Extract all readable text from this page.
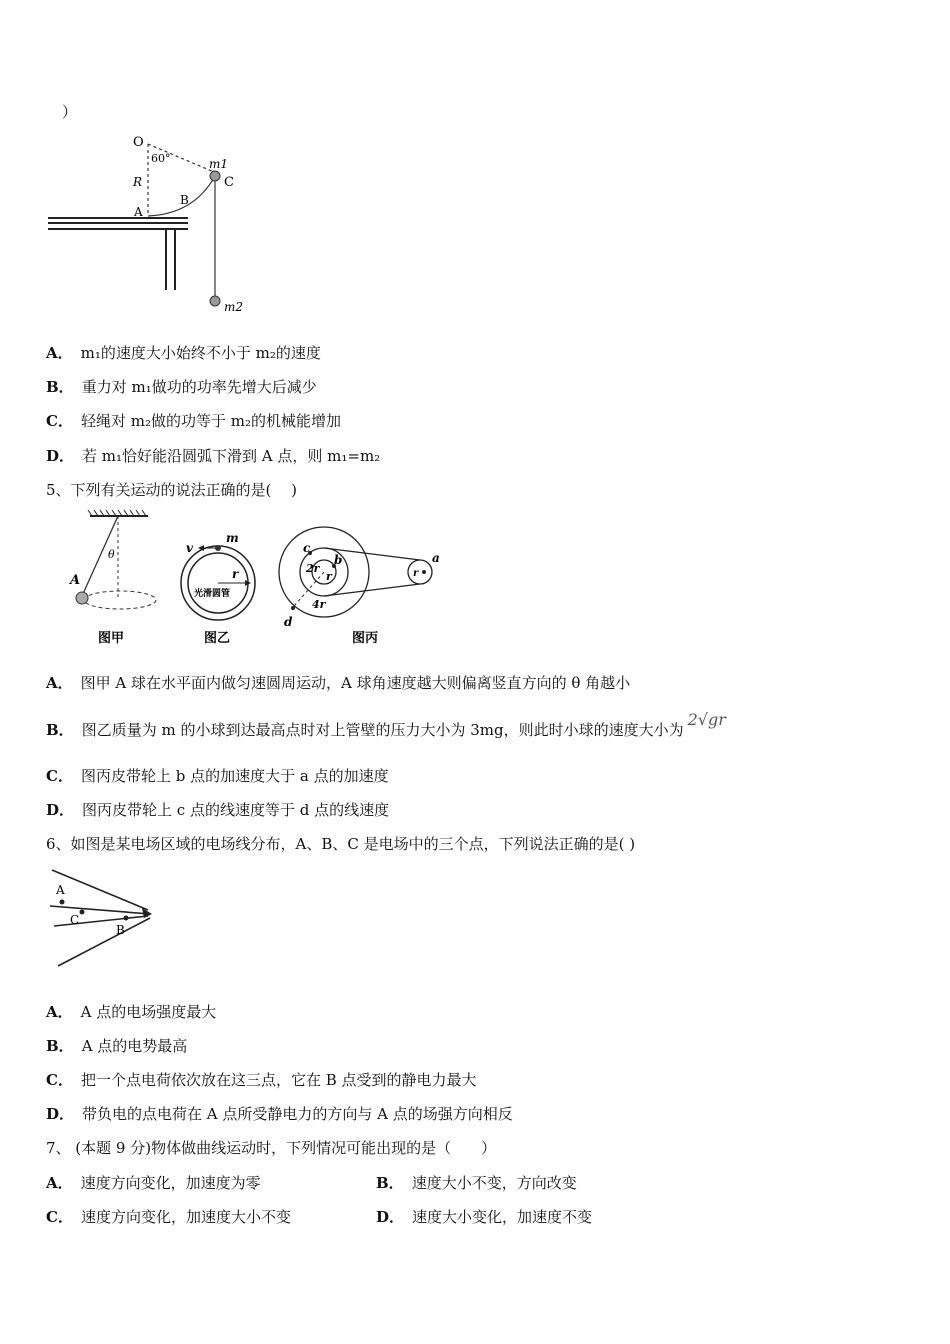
）
O
60°
R
A
B
C
m1
m2
A． m₁的速度大小始终不小于 m₂的速度
B． 重力对 m₁做功的功率先增大后减少
C． 轻绳对 m₂做的功等于 m₂的机械能增加
D． 若 m₁恰好能沿圆弧下滑到 A 点，则 m₁=m₂
5、下列有关运动的说法正确的是(　 )
θ
A
图甲
v
m
r
光滑圆管
图乙
c
2r
b
r
4r
d
a
r
图丙
A． 图甲 A 球在水平面内做匀速圆周运动，A 球角速度越大则偏离竖直方向的 θ 角越小
B． 图乙质量为 m 的小球到达最高点时对上管壁的压力大小为 3mg，则此时小球的速度大小为2√gr
C． 图丙皮带轮上 b 点的加速度大于 a 点的加速度
D． 图丙皮带轮上 c 点的线速度等于 d 点的线速度
6、如图是某电场区域的电场线分布，A、B、C 是电场中的三个点，下列说法正确的是( )
A
C
B
A． A 点的电场强度最大
B． A 点的电势最高
C． 把一个点电荷依次放在这三点，它在 B 点受到的静电力最大
D． 带负电的点电荷在 A 点所受静电力的方向与 A 点的场强方向相反
7、 (本题 9 分)物体做曲线运动时，下列情况可能出现的是（　　）
A． 速度方向变化，加速度为零	B． 速度大小不变，方向改变
C． 速度方向变化，加速度大小不变	D． 速度大小变化，加速度不变
